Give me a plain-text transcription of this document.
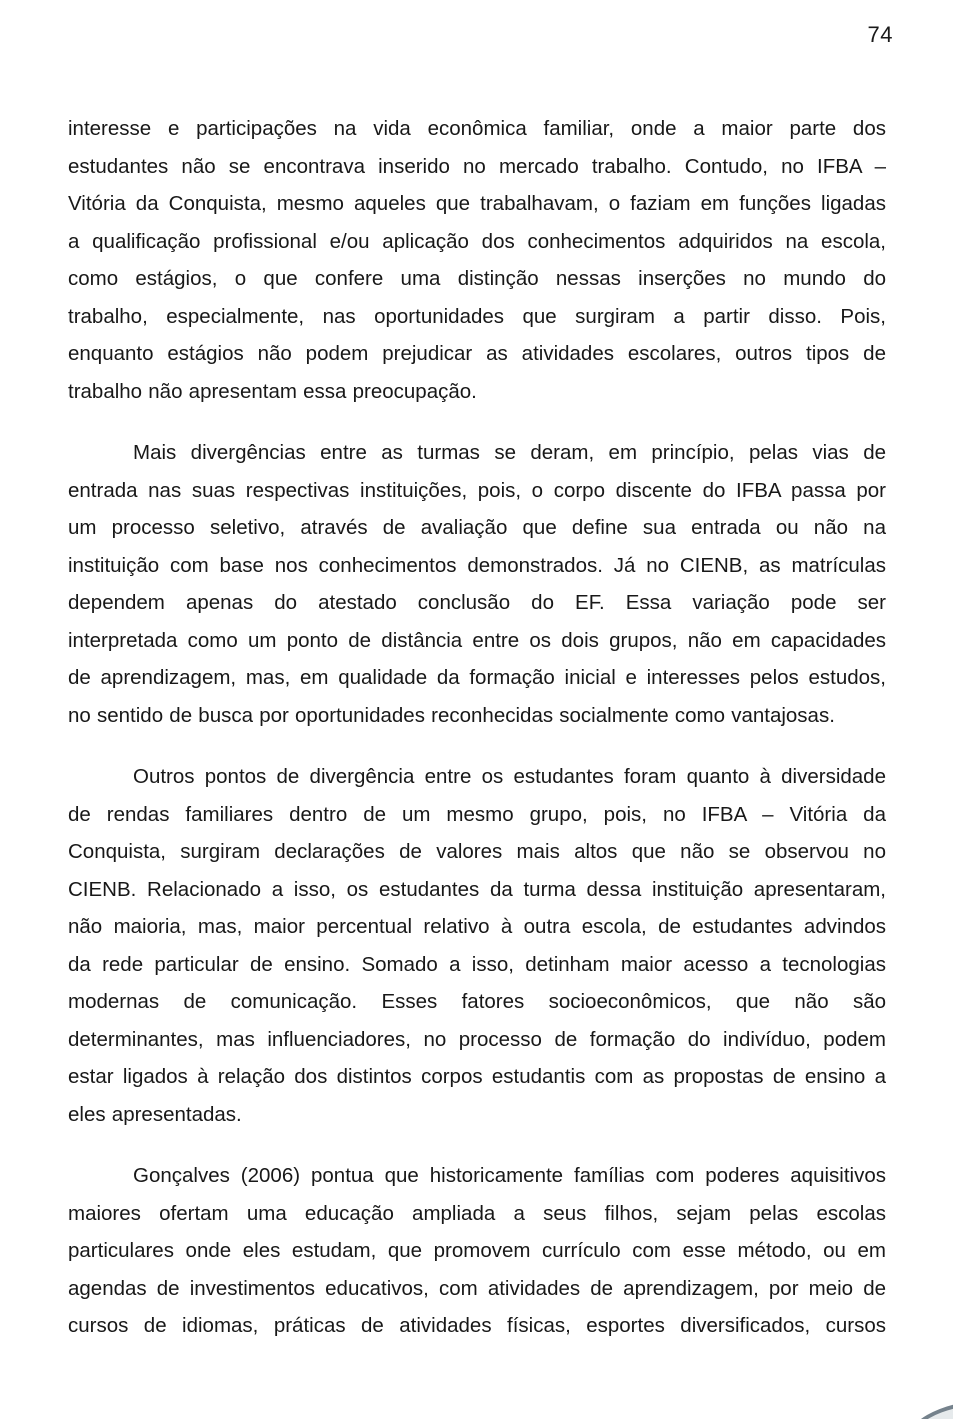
74
interesse e participações na vida econômica familiar, onde a maior parte dos
estudantes não se encontrava inserido no mercado trabalho. Contudo, no IFBA –
Vitória da Conquista, mesmo aqueles que trabalhavam, o faziam em funções ligadas
a qualificação profissional e/ou aplicação dos conhecimentos adquiridos na escola,
como estágios, o que confere uma distinção nessas inserções no mundo do
trabalho, especialmente, nas oportunidades que surgiram a partir disso. Pois,
enquanto estágios não podem prejudicar as atividades escolares, outros tipos de
trabalho não apresentam essa preocupação.
Mais divergências entre as turmas se deram, em princípio, pelas vias de
entrada nas suas respectivas instituições, pois, o corpo discente do IFBA passa por
um processo seletivo, através de avaliação que define sua entrada ou não na
instituição com base nos conhecimentos demonstrados. Já no CIENB, as matrículas
dependem apenas do atestado conclusão do EF. Essa variação pode ser
interpretada como um ponto de distância entre os dois grupos, não em capacidades
de aprendizagem, mas, em qualidade da formação inicial e interesses pelos estudos,
no sentido de busca por oportunidades reconhecidas socialmente como vantajosas.
Outros pontos de divergência entre os estudantes foram quanto à diversidade
de rendas familiares dentro de um mesmo grupo, pois, no IFBA – Vitória da
Conquista, surgiram declarações de valores mais altos que não se observou no
CIENB. Relacionado a isso, os estudantes da turma dessa instituição apresentaram,
não maioria, mas, maior percentual relativo à outra escola, de estudantes advindos
da rede particular de ensino. Somado a isso, detinham maior acesso a tecnologias
modernas de comunicação. Esses fatores socioeconômicos, que não são
determinantes, mas influenciadores, no processo de formação do indivíduo, podem
estar ligados à relação dos distintos corpos estudantis com as propostas de ensino a
eles apresentadas.
Gonçalves (2006) pontua que historicamente famílias com poderes aquisitivos
maiores ofertam uma educação ampliada a seus filhos, sejam pelas escolas
particulares onde eles estudam, que promovem currículo com esse método, ou em
agendas de investimentos educativos, com atividades de aprendizagem, por meio de
cursos de idiomas, práticas de atividades físicas, esportes diversificados, cursos
